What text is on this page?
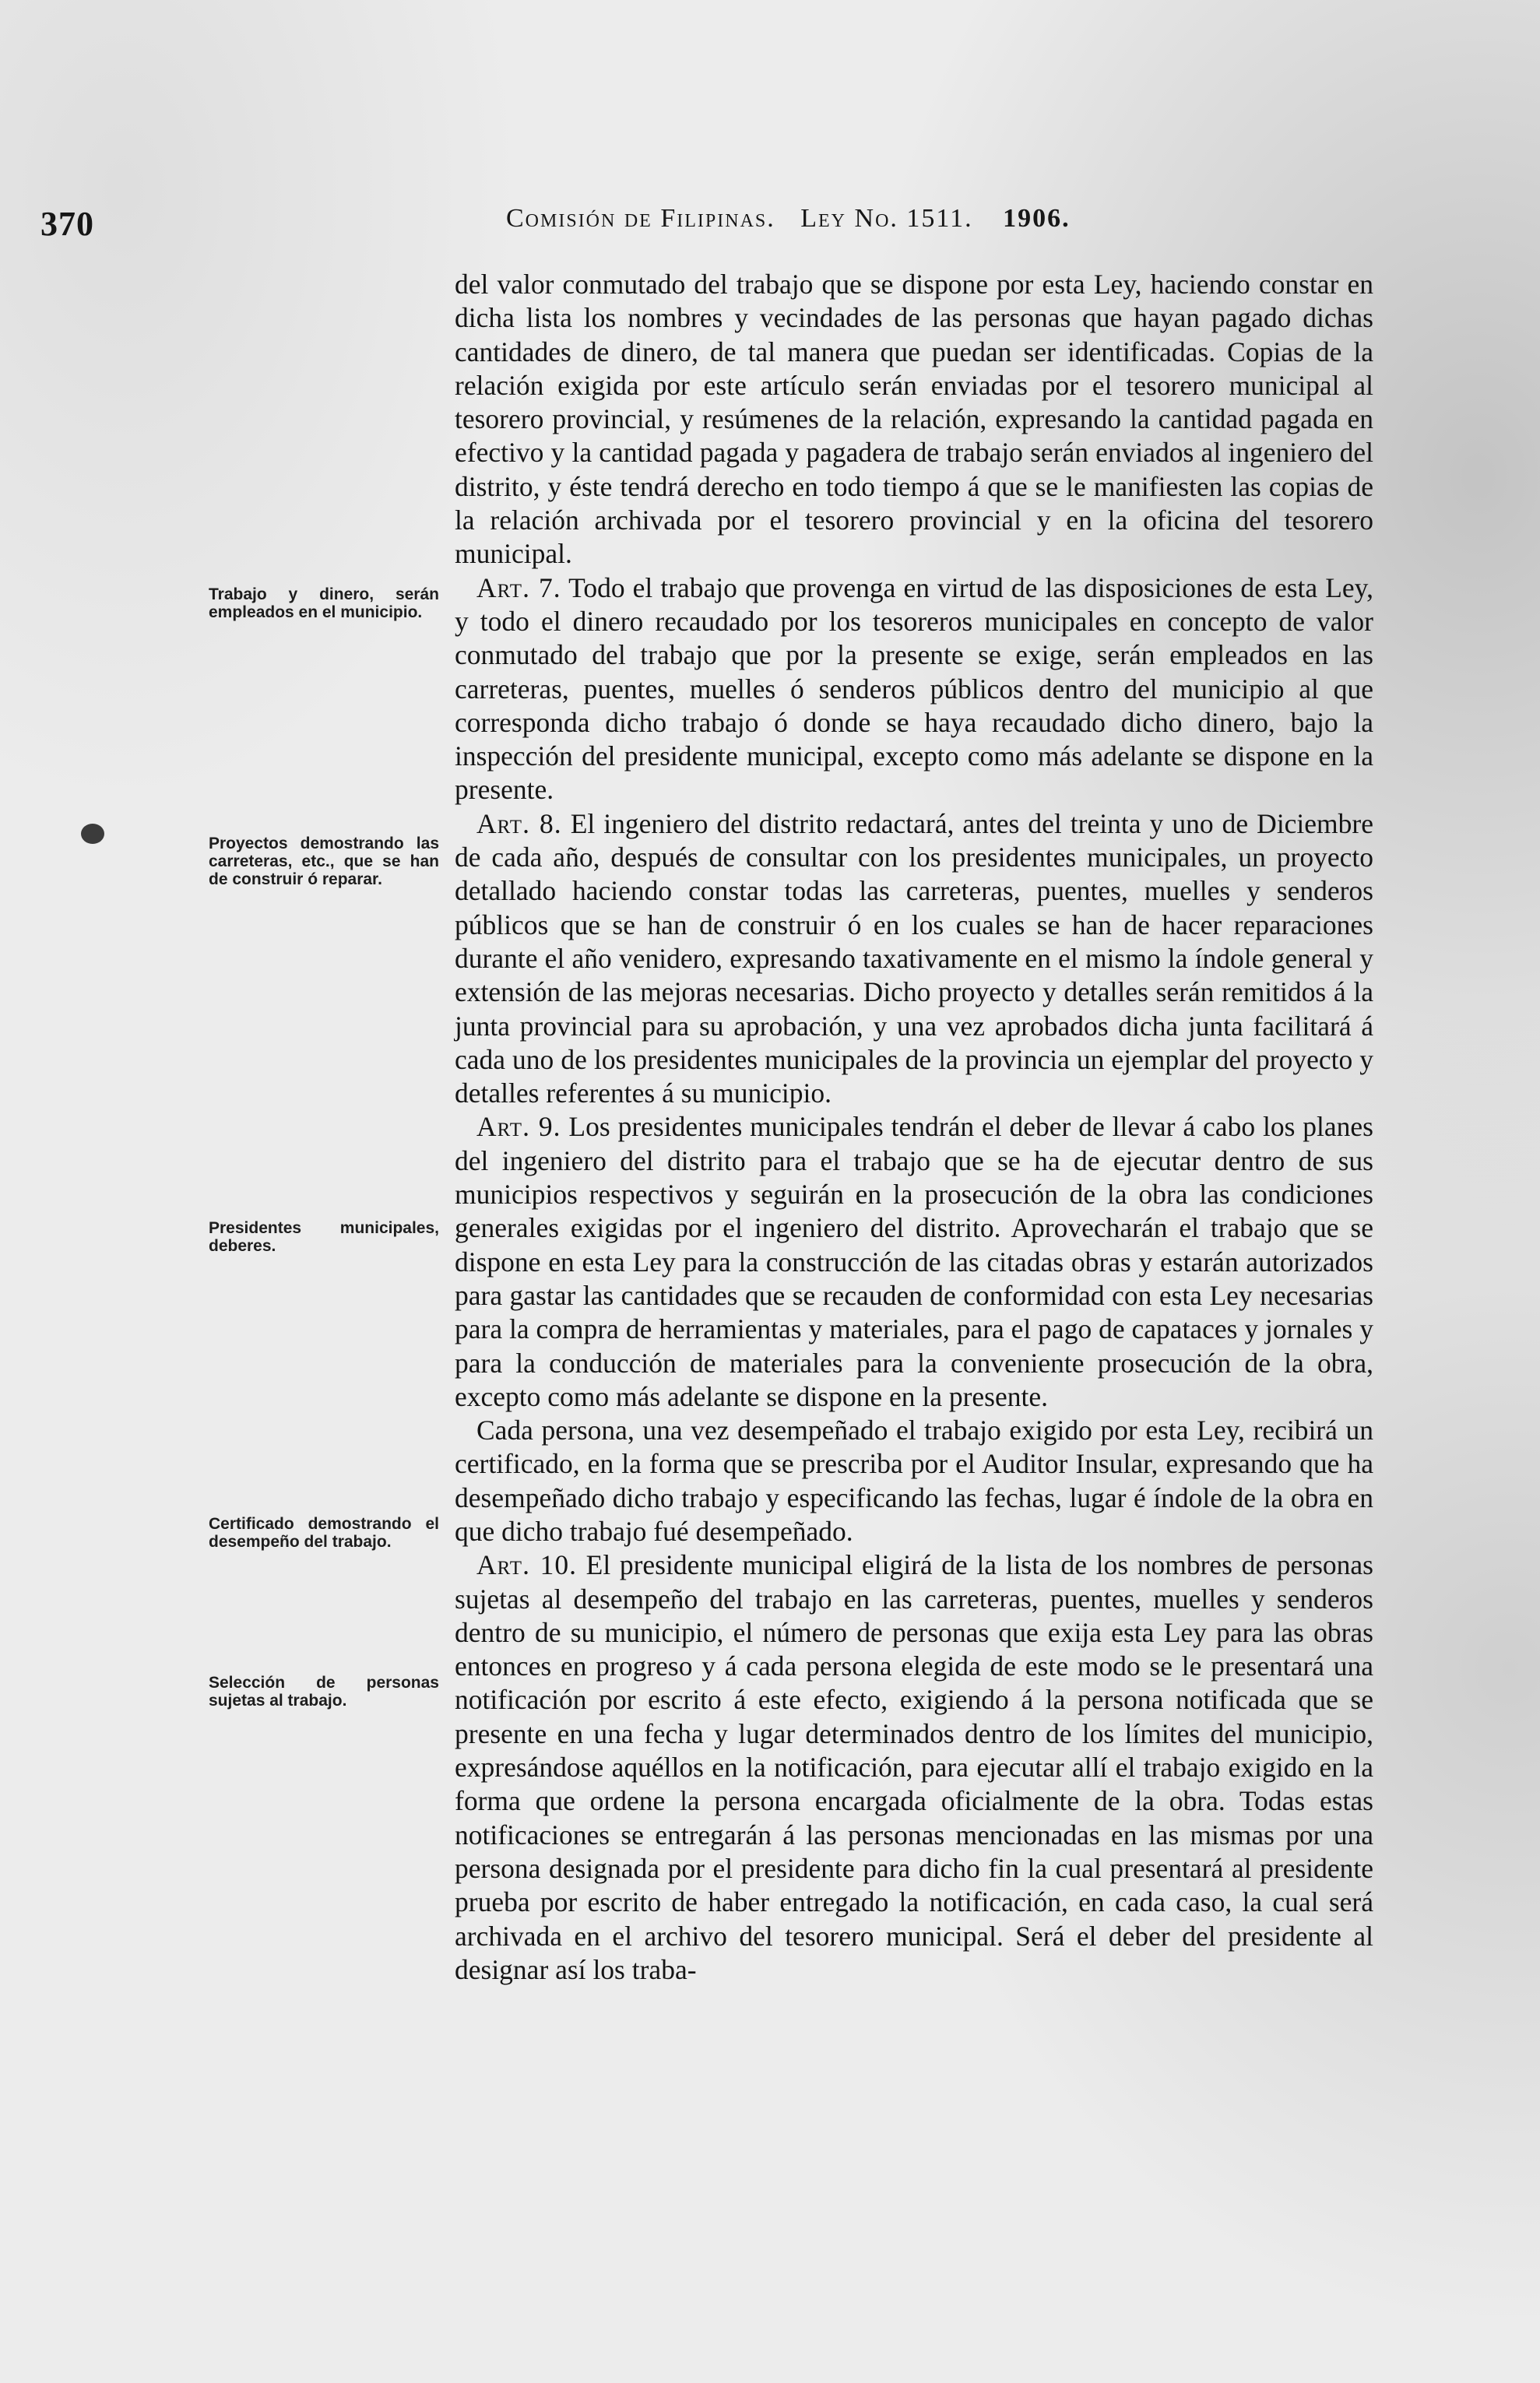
370	Comisión de Filipinas. Ley No. 1511. 1906.
Trabajo y dinero, serán empleados en el municipio.
Proyectos demostrando las carreteras, etc., que se han de construir ó reparar.
Presidentes municipales, deberes.
Certificado demostrando el desempeño del trabajo.
Selección de personas sujetas al trabajo.

del valor conmutado del trabajo que se dispone por esta Ley, haciendo constar en dicha lista los nombres y vecindades de las personas que hayan pagado dichas cantidades de dinero, de tal manera que puedan ser identificadas. Copias de la relación exigida por este artículo serán enviadas por el tesorero municipal al tesorero provincial, y resúmenes de la relación, expresando la cantidad pagada en efectivo y la cantidad pagada y pagadera de trabajo serán enviados al ingeniero del distrito, y éste tendrá derecho en todo tiempo á que se le manifiesten las copias de la relación archivada por el tesorero provincial y en la oficina del tesorero municipal.

Art. 7. Todo el trabajo que provenga en virtud de las disposiciones de esta Ley, y todo el dinero recaudado por los tesoreros municipales en concepto de valor conmutado del trabajo que por la presente se exige, serán empleados en las carreteras, puentes, muelles ó senderos públicos dentro del municipio al que corresponda dicho trabajo ó donde se haya recaudado dicho dinero, bajo la inspección del presidente municipal, excepto como más adelante se dispone en la presente.

Art. 8. El ingeniero del distrito redactará, antes del treinta y uno de Diciembre de cada año, después de consultar con los presidentes municipales, un proyecto detallado haciendo constar todas las carreteras, puentes, muelles y senderos públicos que se han de construir ó en los cuales se han de hacer reparaciones durante el año venidero, expresando taxativamente en el mismo la índole general y extensión de las mejoras necesarias. Dicho proyecto y detalles serán remitidos á la junta provincial para su aprobación, y una vez aprobados dicha junta facilitará á cada uno de los presidentes municipales de la provincia un ejemplar del proyecto y detalles referentes á su municipio.

Art. 9. Los presidentes municipales tendrán el deber de llevar á cabo los planes del ingeniero del distrito para el trabajo que se ha de ejecutar dentro de sus municipios respectivos y seguirán en la prosecución de la obra las condiciones generales exigidas por el ingeniero del distrito. Aprovecharán el trabajo que se dispone en esta Ley para la construcción de las citadas obras y estarán autorizados para gastar las cantidades que se recauden de conformidad con esta Ley necesarias para la compra de herramientas y materiales, para el pago de capataces y jornales y para la conducción de materiales para la conveniente prosecución de la obra, excepto como más adelante se dispone en la presente.

Cada persona, una vez desempeñado el trabajo exigido por esta Ley, recibirá un certificado, en la forma que se prescriba por el Auditor Insular, expresando que ha desempeñado dicho trabajo y especificando las fechas, lugar é índole de la obra en que dicho trabajo fué desempeñado.

Art. 10. El presidente municipal eligirá de la lista de los nombres de personas sujetas al desempeño del trabajo en las carreteras, puentes, muelles y senderos dentro de su municipio, el número de personas que exija esta Ley para las obras entonces en progreso y á cada persona elegida de este modo se le presentará una notificación por escrito á este efecto, exigiendo á la persona notificada que se presente en una fecha y lugar determinados dentro de los límites del municipio, expresándose aquéllos en la notificación, para ejecutar allí el trabajo exigido en la forma que ordene la persona encargada oficialmente de la obra. Todas estas notificaciones se entregarán á las personas mencionadas en las mismas por una persona designada por el presidente para dicho fin la cual presentará al presidente prueba por escrito de haber entregado la notificación, en cada caso, la cual será archivada en el archivo del tesorero municipal. Será el deber del presidente al designar así los traba-
